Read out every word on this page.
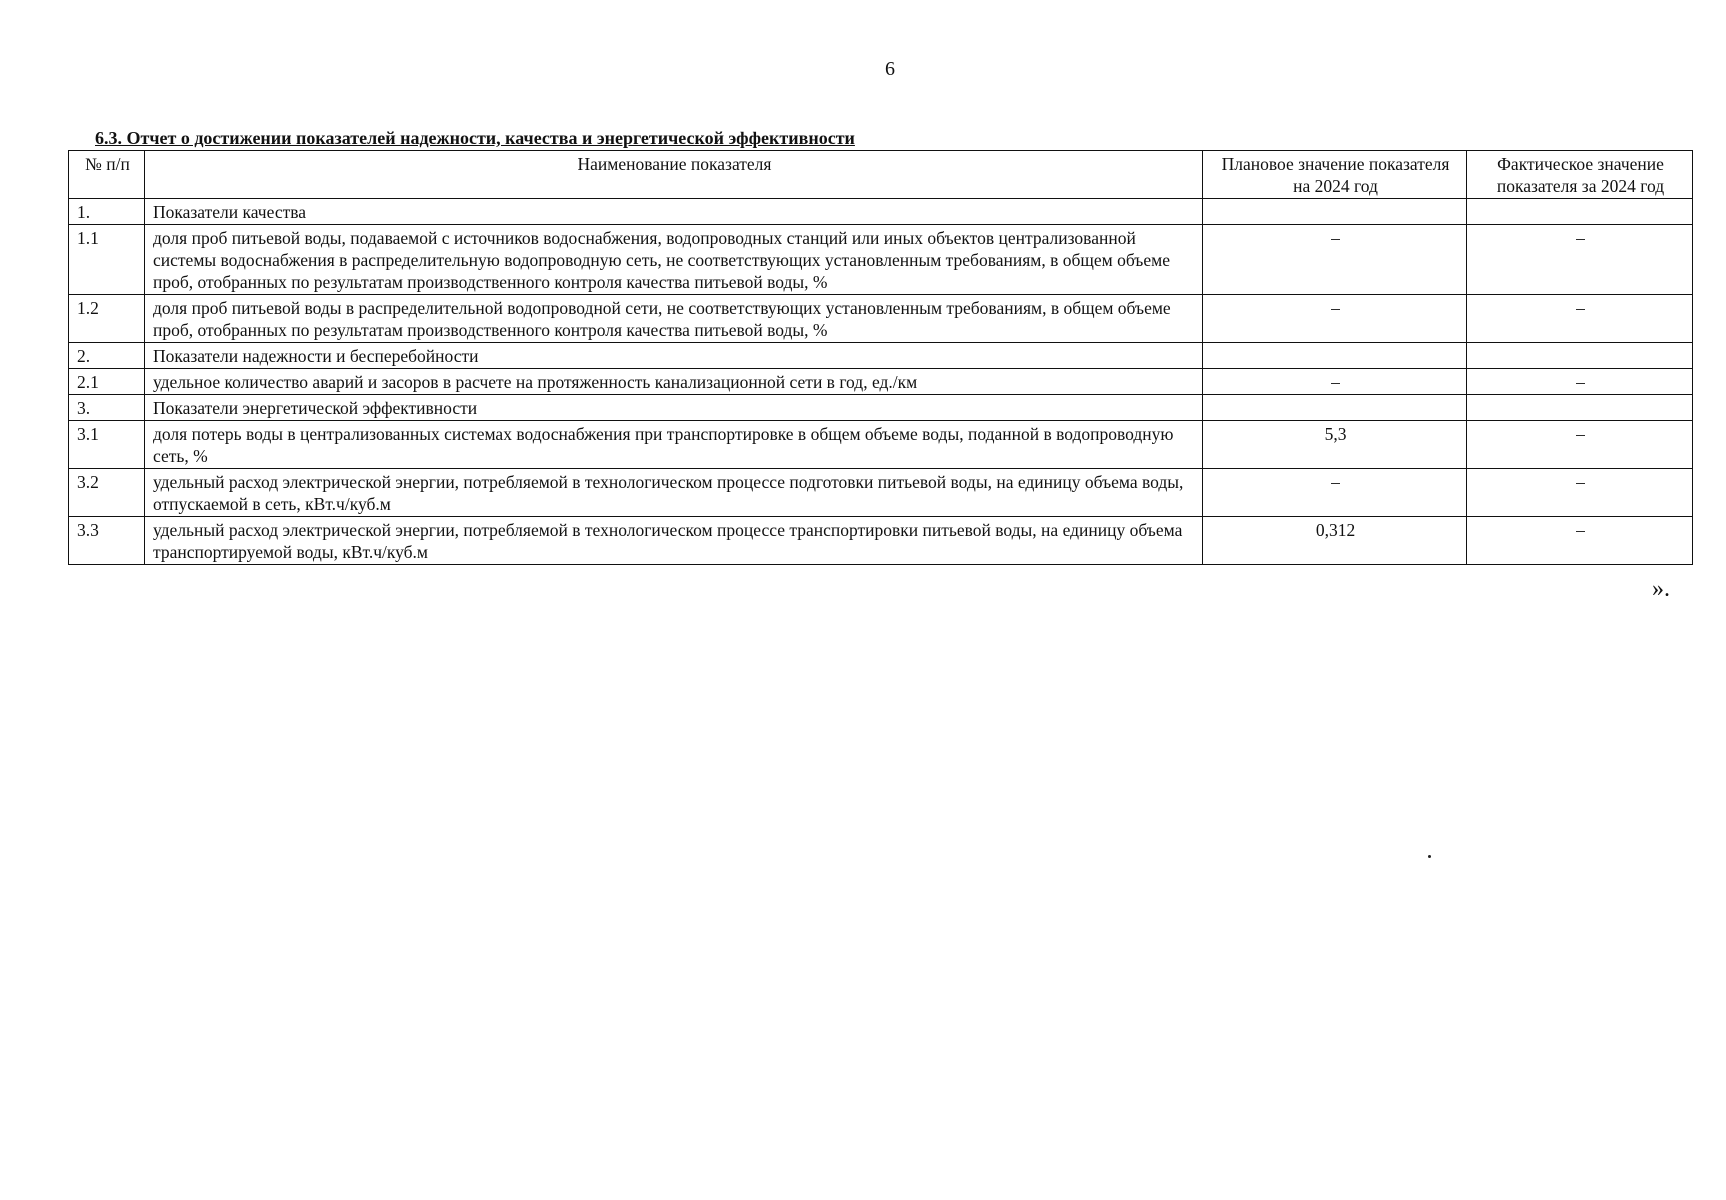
6
6.3. Отчет о достижении показателей надежности, качества и энергетической эффективности
№ п/п	Наименование показателя	Плановое значение показателя на 2024 год	Фактическое значение показателя за 2024 год
1.	Показатели качества		
1.1	доля проб питьевой воды, подаваемой с источников водоснабжения, водопроводных станций или иных объектов централизованной системы водоснабжения в распределительную водопроводную сеть, не соответствующих установленным требованиям, в общем объеме проб, отобранных по результатам производственного контроля качества питьевой воды, %	–	–
1.2	доля проб питьевой воды в распределительной водопроводной сети, не соответствующих установленным требованиям, в общем объеме проб, отобранных по результатам производственного контроля качества питьевой воды, %	–	–
2.	Показатели надежности и бесперебойности		
2.1	удельное количество аварий и засоров в расчете на протяженность канализационной сети в год, ед./км	–	–
3.	Показатели энергетической эффективности		
3.1	доля потерь воды в централизованных системах водоснабжения при транспортировке в общем объеме воды, поданной в водопроводную сеть, %	5,3	–
3.2	удельный расход электрической энергии, потребляемой в технологическом процессе подготовки питьевой воды, на единицу объема воды, отпускаемой в сеть, кВт.ч/куб.м	–	–
3.3	удельный расход электрической энергии, потребляемой в технологическом процессе транспортировки питьевой воды, на единицу объема транспортируемой воды, кВт.ч/куб.м	0,312	–
».
